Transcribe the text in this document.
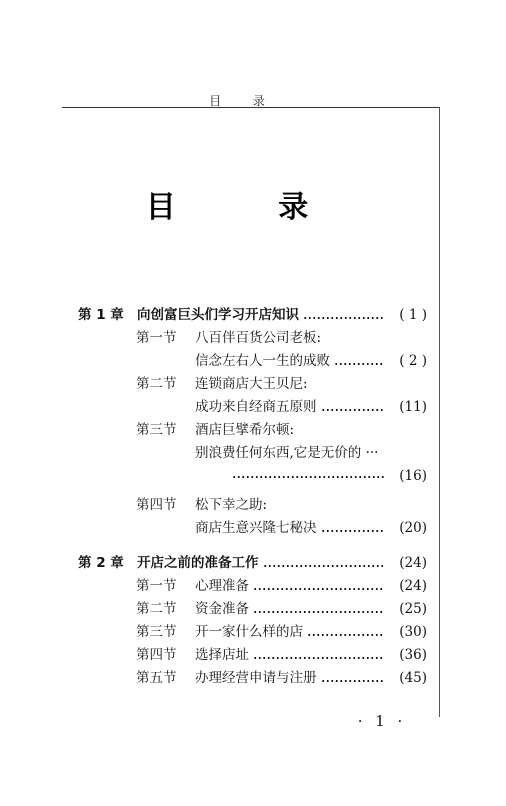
目 录
目 录
第 1 章 向创富巨头们学习开店知识	( 1 )
第一节 八百伴百货公司老板:
信念左右人一生的成败	( 2 )
第二节 连锁商店大王贝尼:
成功来自经商五原则	(11)
第三节 酒店巨擘希尔顿:
别浪费任何东西,它是无价的 ···
(16)
第四节 松下幸之助:
商店生意兴隆七秘决	(20)
第 2 章 开店之前的准备工作	(24)
第一节 心理准备	(24)
第二节 资金准备	(25)
第三节 开一家什么样的店	(30)
第四节 选择店址	(36)
第五节 办理经营申请与注册	(45)
· 1 ·
